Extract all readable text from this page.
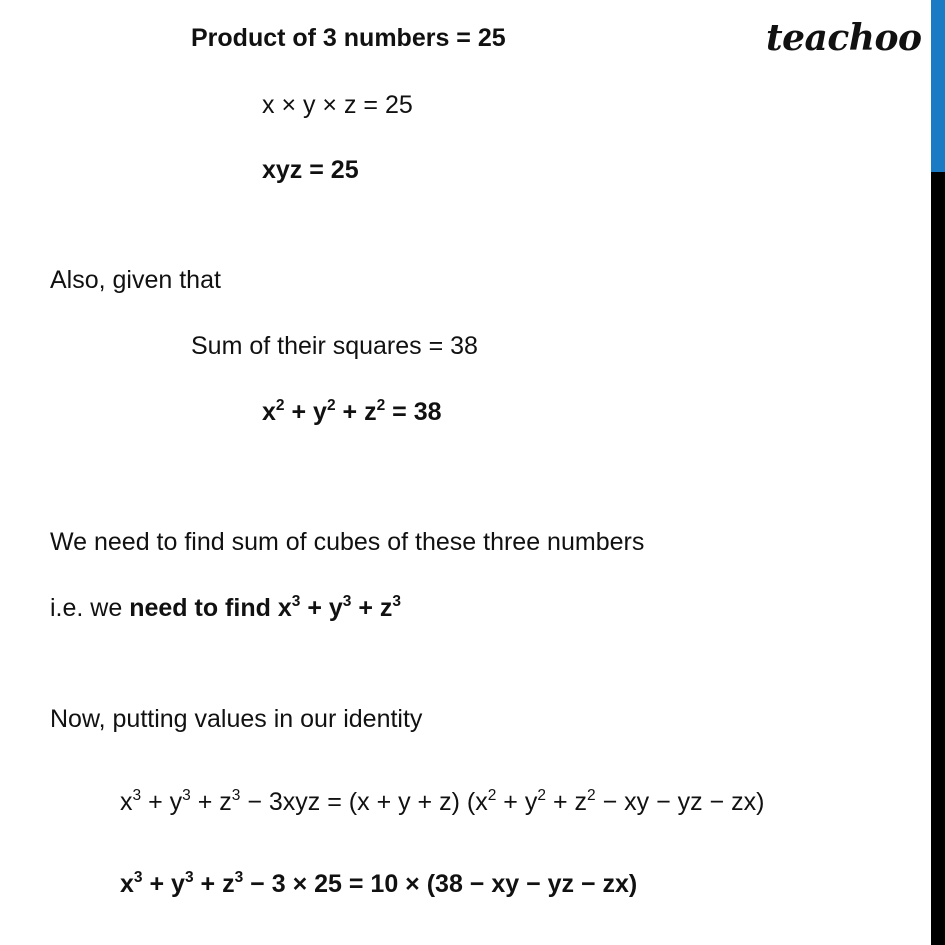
teachoo
Product of 3 numbers = 25
x × y × z = 25
xyz = 25
Also, given that
Sum of their squares = 38
$x^2 + y^2 + z^2 = 38$
We need to find sum of cubes of these three numbers
i.e. we need to find $x^3 + y^3 + z^3$
Now, putting values in our identity
$x^3 + y^3 + z^3 - 3xyz = (x + y + z) (x^2 + y^2 + z^2$ − xy − yz − zx)
$x^3 + y^3 + z^3 - 3 \times 25 = 10 \times (38$ − xy − yz − zx)
